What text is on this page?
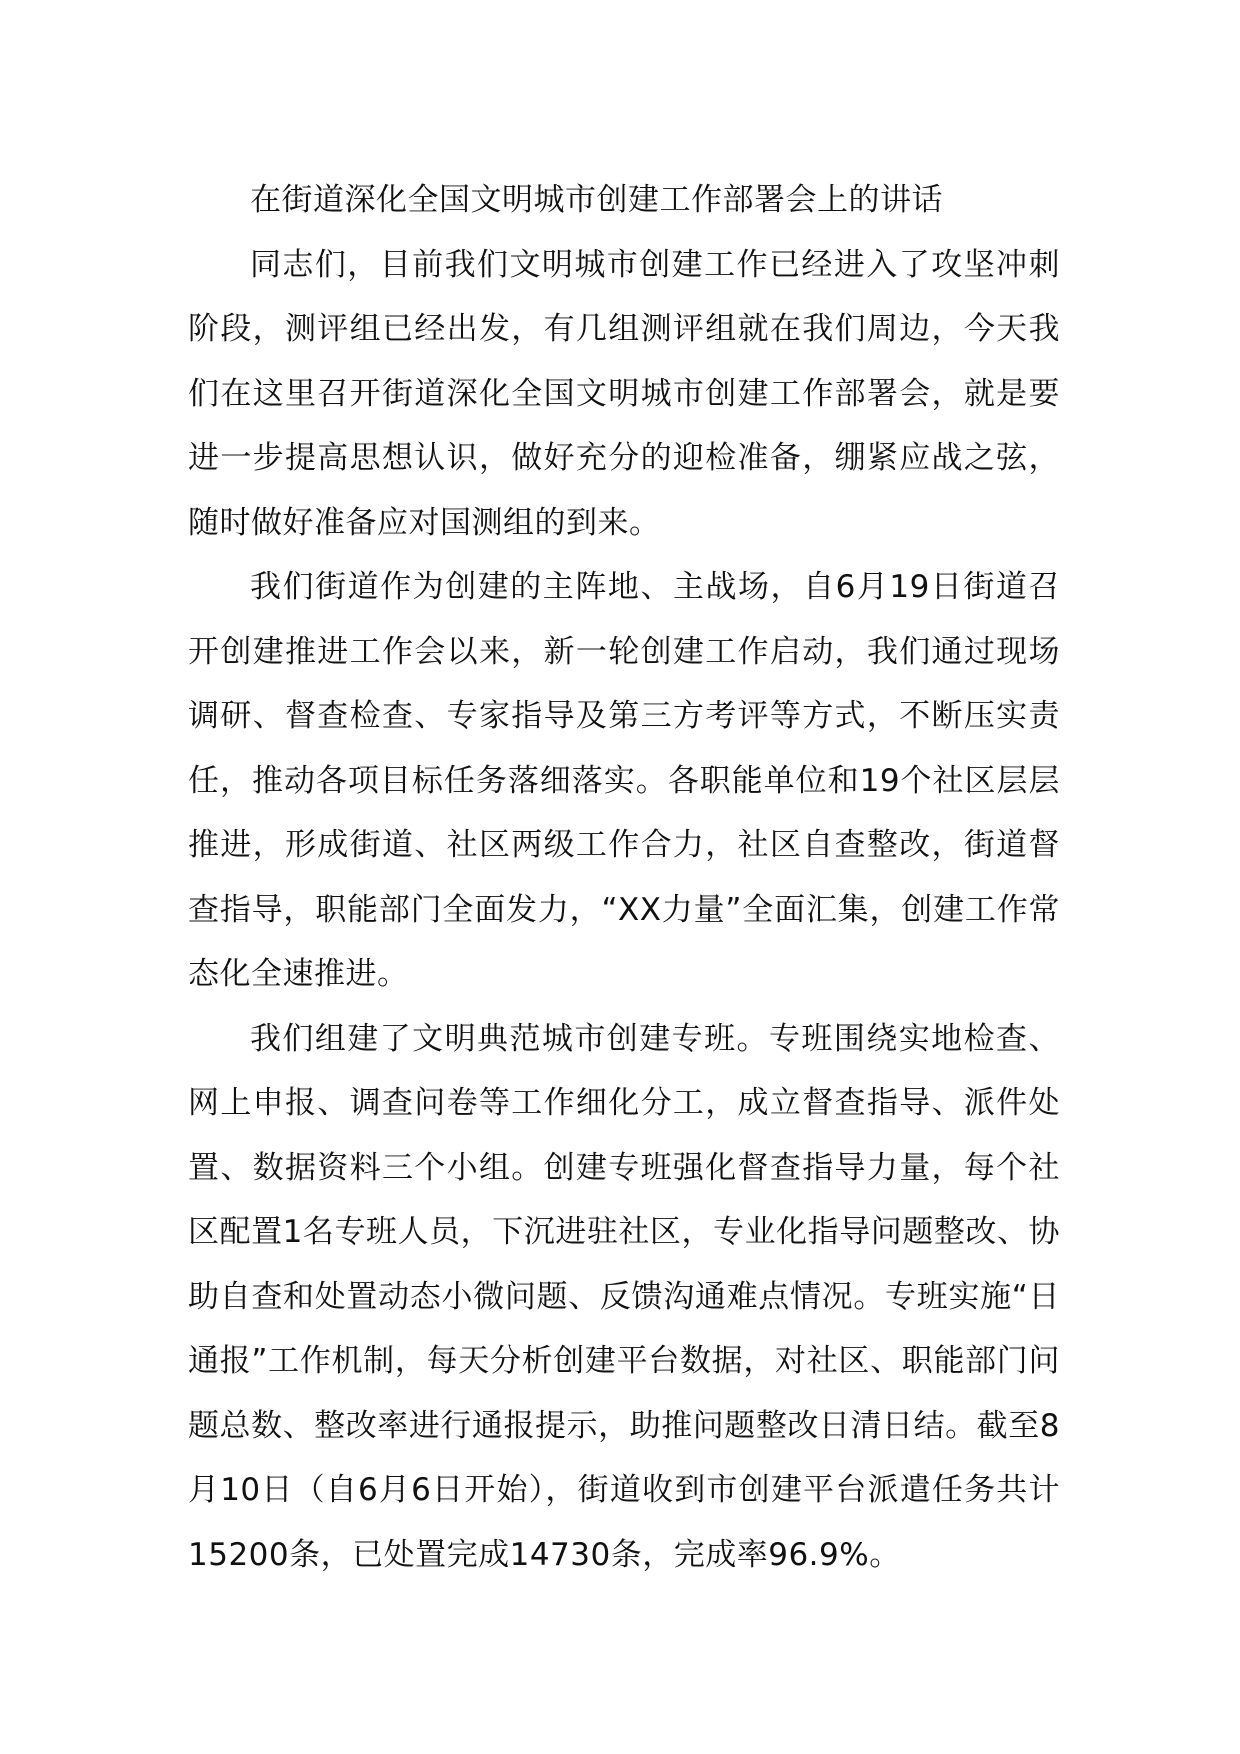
在街道深化全国文明城市创建工作部署会上的讲话

同志们，目前我们文明城市创建工作已经进入了攻坚冲刺阶段，测评组已经出发，有几组测评组就在我们周边，今天我们在这里召开街道深化全国文明城市创建工作部署会，就是要进一步提高思想认识，做好充分的迎检准备，绷紧应战之弦，随时做好准备应对国测组的到来。

我们街道作为创建的主阵地、主战场，自6月19日街道召开创建推进工作会以来，新一轮创建工作启动，我们通过现场调研、督查检查、专家指导及第三方考评等方式，不断压实责任，推动各项目标任务落细落实。各职能单位和19个社区层层推进，形成街道、社区两级工作合力，社区自查整改，街道督查指导，职能部门全面发力，“XX力量”全面汇集，创建工作常态化全速推进。

我们组建了文明典范城市创建专班。专班围绕实地检查、网上申报、调查问卷等工作细化分工，成立督查指导、派件处置、数据资料三个小组。创建专班强化督查指导力量，每个社区配置1名专班人员，下沉进驻社区，专业化指导问题整改、协助自查和处置动态小微问题、反馈沟通难点情况。专班实施“日通报”工作机制，每天分析创建平台数据，对社区、职能部门问题总数、整改率进行通报提示，助推问题整改日清日结。截至8月10日（自6月6日开始），街道收到市创建平台派遣任务共计15200条，已处置完成14730条，完成率96.9%。
